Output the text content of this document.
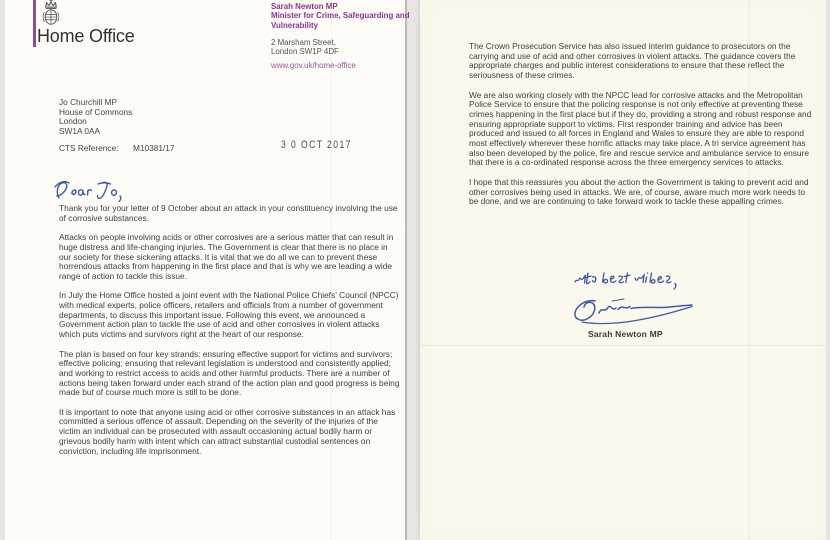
Home Office
Sarah Newton MP
Minister for Crime, Safeguarding and Vulnerability
2 Marsham Street,
London SW1P 4DF
www.gov.uk/home-office

Jo Churchill MP

House of Commons

London

SW1A 0AA

CTS Reference: M10381/17	3 0 OCT 2017

Thank you for your letter of 9 October about an attack in your constituency involving the use of corrosive substances.

Attacks on people involving acids or other corrosives are a serious matter that can result in huge distress and life-changing injuries. The Government is clear that there is no place in our society for these sickening attacks. It is vital that we do all we can to prevent these horrendous attacks from happening in the first place and that is why we are leading a wide range of action to tackle this issue.

In July the Home Office hosted a joint event with the National Police Chiefs' Council (NPCC) with medical experts, police officers, retailers and officials from a number of government departments, to discuss this important issue. Following this event, we announced a Government action plan to tackle the use of acid and other corrosives in violent attacks which puts victims and survivors right at the heart of our response.

The plan is based on four key strands: ensuring effective support for victims and survivors; effective policing; ensuring that relevant legislation is understood and consistently applied; and working to restrict access to acids and other harmful products. There are a number of actions being taken forward under each strand of the action plan and good progress is being made but of course much more is still to be done.

It is important to note that anyone using acid or other corrosive substances in an attack has committed a serious offence of assault. Depending on the severity of the injuries of the victim an individual can be prosecuted with assault occasioning actual bodily harm or grievous bodily harm with intent which can attract substantial custodial sentences on conviction, including life imprisonment.

The Crown Prosecution Service has also issued interim guidance to prosecutors on the carrying and use of acid and other corrosives in violent attacks. The guidance covers the appropriate charges and public interest considerations to ensure that these reflect the seriousness of these crimes.

We are also working closely with the NPCC lead for corrosive attacks and the Metropolitan Police Service to ensure that the policing response is not only effective at preventing these crimes happening in the first place but if they do, providing a strong and robust response and ensuring appropriate support to victims. First responder training and advice has been produced and issued to all forces in England and Wales to ensure they are able to respond most effectively wherever these horrific attacks may take place. A tri service agreement has also been developed by the police, fire and rescue service and ambulance service to ensure that there is a co-ordinated response across the three emergency services to attacks.

I hope that this reassures you about the action the Government is taking to prevent acid and other corrosives being used in attacks. We are, of course, aware much more work needs to be done, and we are continuing to take forward work to tackle these appalling crimes.

Sarah Newton MP
